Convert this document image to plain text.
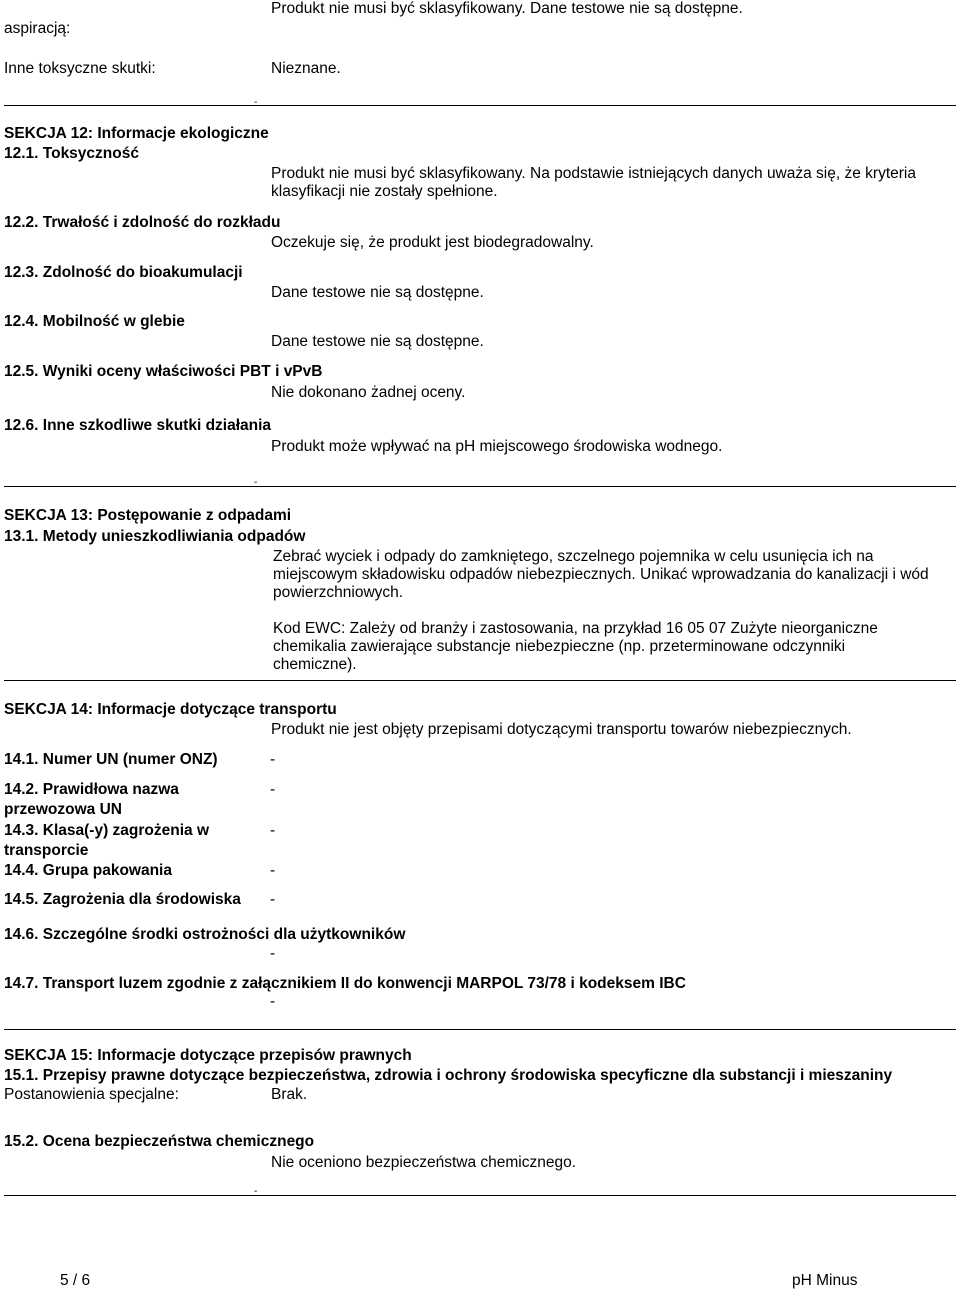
aspiracją:
Produkt nie musi być sklasyfikowany. Dane testowe nie są dostępne.
Inne toksyczne skutki:	Nieznane.
-
SEKCJA 12: Informacje ekologiczne
12.1. Toksyczność
Produkt nie musi być sklasyfikowany. Na podstawie istniejących danych uważa się, że kryteria
klasyfikacji nie zostały spełnione.
12.2. Trwałość i zdolność do rozkładu
Oczekuje się, że produkt jest biodegradowalny.
12.3. Zdolność do bioakumulacji
Dane testowe nie są dostępne.
12.4. Mobilność w glebie
Dane testowe nie są dostępne.
12.5. Wyniki oceny właściwości PBT i vPvB
Nie dokonano żadnej oceny.
12.6. Inne szkodliwe skutki działania
Produkt może wpływać na pH miejscowego środowiska wodnego.
-
SEKCJA 13: Postępowanie z odpadami
13.1. Metody unieszkodliwiania odpadów
Zebrać wyciek i odpady do zamkniętego, szczelnego pojemnika w celu usunięcia ich na
miejscowym składowisku odpadów niebezpiecznych. Unikać wprowadzania do kanalizacji i wód
powierzchniowych.
Kod EWC: Zależy od branży i zastosowania, na przykład 16 05 07 Zużyte nieorganiczne
chemikalia zawierające substancje niebezpieczne (np. przeterminowane odczynniki
chemiczne).
SEKCJA 14: Informacje dotyczące transportu
Produkt nie jest objęty przepisami dotyczącymi transportu towarów niebezpiecznych.
14.1. Numer UN (numer ONZ)	-
14.2. Prawidłowa nazwa
przewozowa UN
-
14.3. Klasa(-y) zagrożenia w
transporcie
-
14.4. Grupa pakowania	-
14.5. Zagrożenia dla środowiska -
14.6. Szczególne środki ostrożności dla użytkowników
-
14.7. Transport luzem zgodnie z załącznikiem II do konwencji MARPOL 73/78 i kodeksem IBC
-
SEKCJA 15: Informacje dotyczące przepisów prawnych
15.1. Przepisy prawne dotyczące bezpieczeństwa, zdrowia i ochrony środowiska specyficzne dla substancji i mieszaniny
Postanowienia specjalne:	Brak.
15.2. Ocena bezpieczeństwa chemicznego
Nie oceniono bezpieczeństwa chemicznego.
-
5 / 6	pH Minus
